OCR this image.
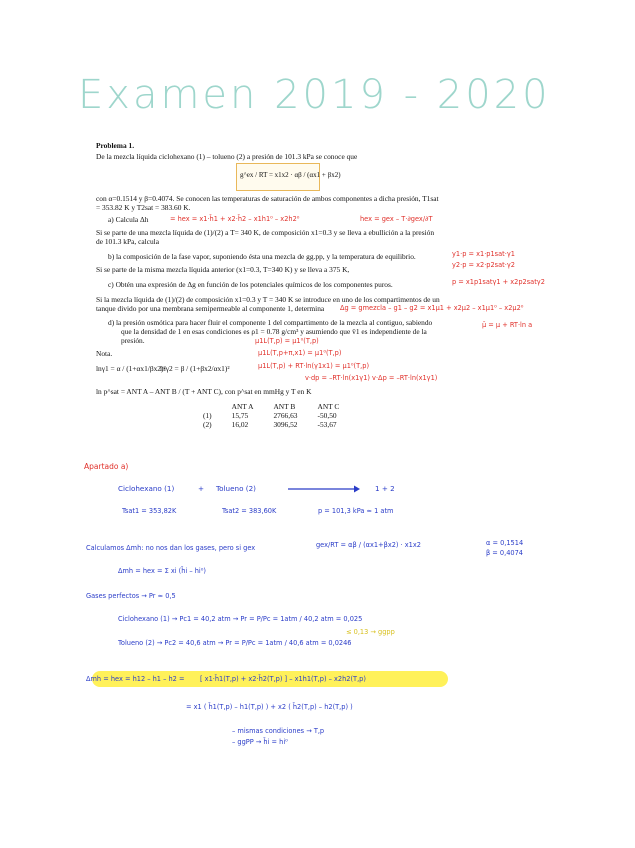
Examen 2019 - 2020
Problema 1.
De la mezcla líquida ciclohexano (1) – tolueno (2) a presión de 101.3 kPa se conoce que
g^ex / RT = x1x2 · αβ / (αx1 + βx2)
con α=0.1514 y β=0.4074. Se conocen las temperaturas de saturación de ambos componentes a dicha presión, T1sat
= 353.82 K y T2sat = 383.60 K.
a) Calcula Δh	= hex = x1·h̄1 + x2·h̄2 – x1h1⁰ – x2h2⁰	hex = gex – T·∂gex/∂T
Si se parte de una mezcla líquida de (1)/(2) a T= 340 K, de composición x1=0.3 y se lleva a ebullición a la presión
de 101.3 kPa, calcula
b) la composición de la fase vapor, suponiendo ésta una mezcla de gg.pp, y la temperatura de equilibrio.
Si se parte de la misma mezcla líquida anterior (x1=0.3, T=340 K) y se lleva a 375 K,
y1·p = x1·p1sat·γ1
y2·p = x2·p2sat·γ2
p = x1p1satγ1 + x2p2satγ2
c) Obtén una expresión de Δg en función de los potenciales químicos de los componentes puros.
Si la mezcla líquida de (1)/(2) de composición x1=0.3 y T = 340 K se introduce en uno de los compartimentos de un
tanque divido por una membrana semipermeable al componente 1, determina Δg = gmezcla – g1 – g2 = x1μ1 + x2μ2 – x1μ1⁰ – x2μ2⁰
μ̄ = μ + RT·ln a
d) la presión osmótica para hacer fluir el componente 1 del compartimento de la mezcla al contiguo, sabiendo
que la densidad de 1 en esas condiciones es ρ1 = 0.78 g/cm³ y asumiendo que v̄1 es independiente de la
presión.	μ1L(T,p) = μ1⁰(T,p)
μ1L(T,p+π,x1) = μ1⁰(T,p)
μ1L(T,p) + RT·ln(γ1x1) = μ1⁰(T,p)
v·dp = –RT·ln(x1γ1) v·Δp = –RT·ln(x1γ1)
Nota.
lnγ1 = α / (1+αx1/βx2)²
lnγ2 = β / (1+βx2/αx1)²
ln p^sat = ANT A – ANT B / (T + ANT C), con p^sat en mmHg y T en K
	ANT A	ANT B	ANT C
(1)	15,75	2766,63	-50,50
(2)	16,02	3096,52	-53,67
Apartado a)
Ciclohexano (1)	+ Tolueno (2)	1 + 2
Tsat1 = 353,82K	Tsat2 = 383,60K	p = 101,3 kPa ≈ 1 atm
Calculamos Δmh: no nos dan los gases, pero si gex	gex/RT = αβ / (αx1+βx2) · x1x2	α = 0,1514
β = 0,4074
Δmh = hex = Σ xi (h̄i – hi⁰)
Gases perfectos → Pr ≈ 0,5
Ciclohexano (1) → Pc1 = 40,2 atm → Pr = P/Pc = 1atm / 40,2 atm = 0,025
Tolueno (2) → Pc2 = 40,6 atm → Pr = P/Pc = 1atm / 40,6 atm = 0,0246
≤ 0,13 → ggpp
Δmh = hex = h12 – h1 – h2 = [ x1·h̄1(T,p) + x2·h̄2(T,p) ] – x1h1(T,p) – x2h2(T,p)
= x1 ( h̄1(T,p) – h1(T,p) ) + x2 ( h̄2(T,p) – h2(T,p) )
– mismas condiciones → T,p
– ggPP → h̄i = hi⁰
